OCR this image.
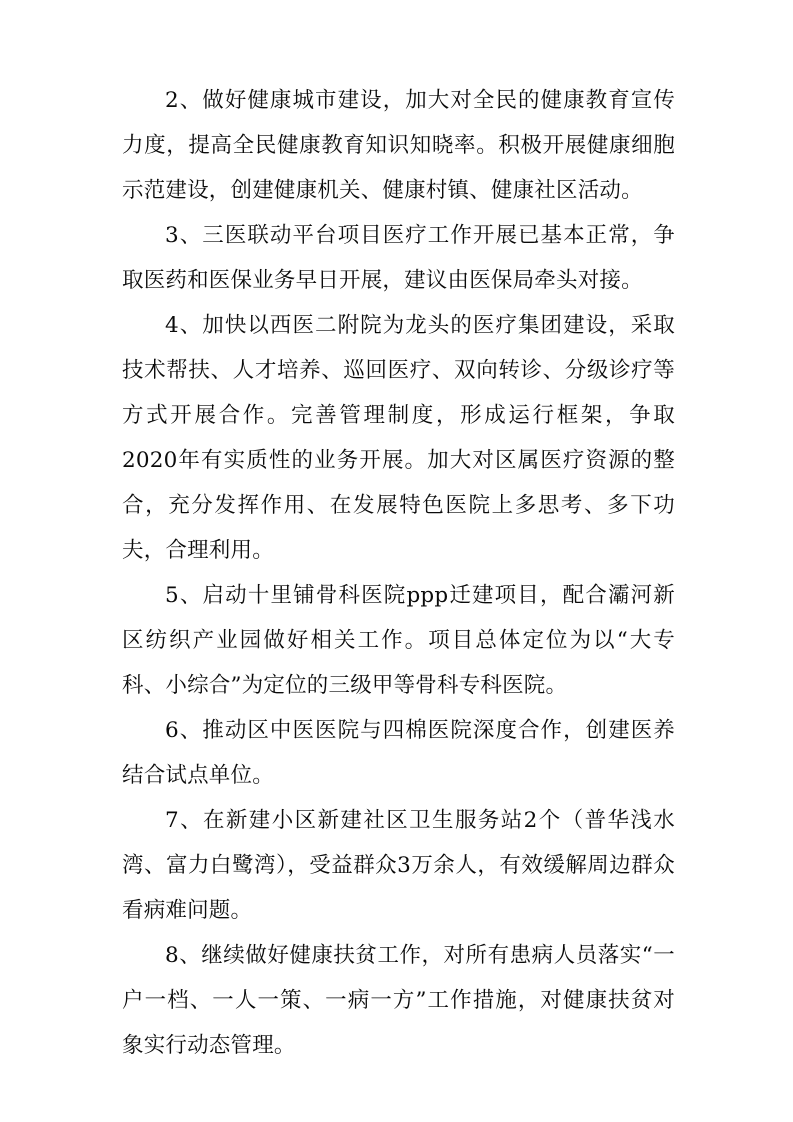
2、做好健康城市建设，加大对全民的健康教育宣传力度，提高全民健康教育知识知晓率。积极开展健康细胞示范建设，创建健康机关、健康村镇、健康社区活动。

3、三医联动平台项目医疗工作开展已基本正常，争取医药和医保业务早日开展，建议由医保局牵头对接。

4、加快以西医二附院为龙头的医疗集团建设，采取技术帮扶、人才培养、巡回医疗、双向转诊、分级诊疗等方式开展合作。完善管理制度，形成运行框架，争取2020年有实质性的业务开展。加大对区属医疗资源的整合，充分发挥作用、在发展特色医院上多思考、多下功夫，合理利用。

5、启动十里铺骨科医院ppp迁建项目，配合灞河新区纺织产业园做好相关工作。项目总体定位为以“大专科、小综合”为定位的三级甲等骨科专科医院。

6、推动区中医医院与四棉医院深度合作，创建医养结合试点单位。

7、在新建小区新建社区卫生服务站2个（普华浅水湾、富力白鹭湾），受益群众3万余人，有效缓解周边群众看病难问题。

8、继续做好健康扶贫工作，对所有患病人员落实“一户一档、一人一策、一病一方”工作措施，对健康扶贫对象实行动态管理。
